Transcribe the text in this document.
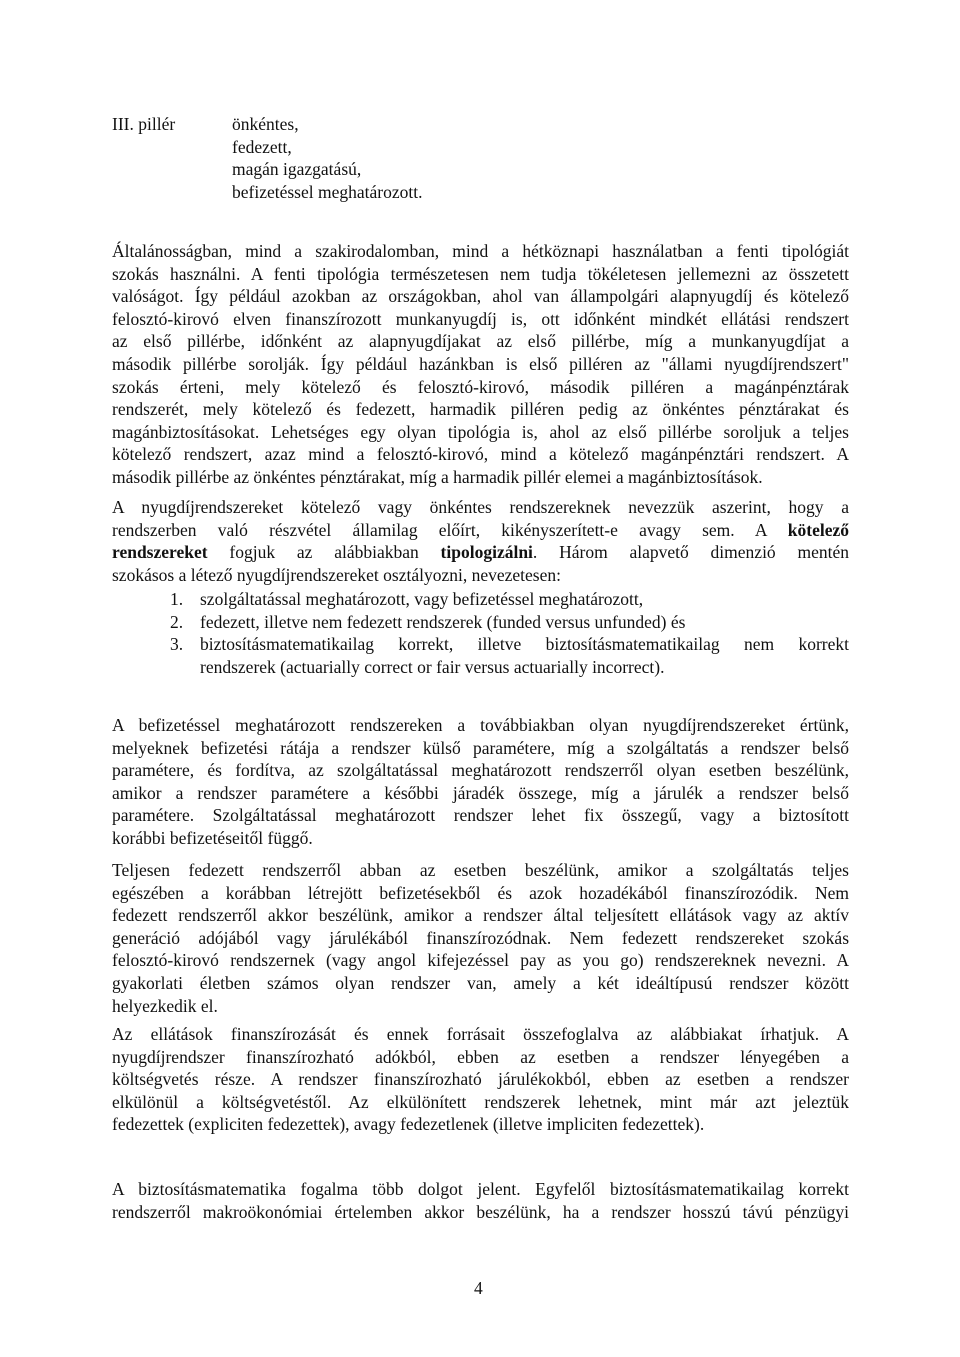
III. pillér	önkéntes,
fedezett,
magán igazgatású,
befizetéssel meghatározott.
Általánosságban, mind a szakirodalomban, mind a hétköznapi használatban a fenti tipológiát
szokás használni. A fenti tipológia természetesen nem tudja tökéletesen jellemezni az összetett
valóságot. Így például azokban az országokban, ahol van állampolgári alapnyugdíj és kötelező
felosztó-kirovó elven finanszírozott munkanyugdíj is, ott időnként mindkét ellátási rendszert
az első pillérbe, időnként az alapnyugdíjakat az első pillérbe, míg a munkanyugdíjat a
második pillérbe sorolják. Így például hazánkban is első pilléren az "állami nyugdíjrendszert"
szokás érteni, mely kötelező és felosztó-kirovó, második pilléren a magánpénztárak
rendszerét, mely kötelező és fedezett, harmadik pilléren pedig az önkéntes pénztárakat és
magánbiztosításokat. Lehetséges egy olyan tipológia is, ahol az első pillérbe soroljuk a teljes
kötelező rendszert, azaz mind a felosztó-kirovó, mind a kötelező magánpénztári rendszert. A
második pillérbe az önkéntes pénztárakat, míg a harmadik pillér elemei a magánbiztosítások.
A nyugdíjrendszereket kötelező vagy önkéntes rendszereknek nevezzük aszerint, hogy a
rendszerben való részvétel államilag előírt, kikényszerített-e avagy sem. A kötelező
rendszereket fogjuk az alábbiakban tipologizálni. Három alapvető dimenzió mentén
szokásos a létező nyugdíjrendszereket osztályozni, nevezetesen:
1. szolgáltatással meghatározott, vagy befizetéssel meghatározott,
2. fedezett, illetve nem fedezett rendszerek (funded versus unfunded) és
3. biztosításmatematikailag korrekt, illetve biztosításmatematikailag nem korrekt
rendszerek (actuarially correct or fair versus actuarially incorrect).
A befizetéssel meghatározott rendszereken a továbbiakban olyan nyugdíjrendszereket értünk,
melyeknek befizetési rátája a rendszer külső paramétere, míg a szolgáltatás a rendszer belső
paramétere, és fordítva, az szolgáltatással meghatározott rendszerről olyan esetben beszélünk,
amikor a rendszer paramétere a későbbi járadék összege, míg a járulék a rendszer belső
paramétere. Szolgáltatással meghatározott rendszer lehet fix összegű, vagy a biztosított
korábbi befizetéseitől függő.
Teljesen fedezett rendszerről abban az esetben beszélünk, amikor a szolgáltatás teljes
egészében a korábban létrejött befizetésekből és azok hozadékából finanszírozódik. Nem
fedezett rendszerről akkor beszélünk, amikor a rendszer által teljesített ellátások vagy az aktív
generáció adójából vagy járulékából finanszírozódnak. Nem fedezett rendszereket szokás
felosztó-kirovó rendszernek (vagy angol kifejezéssel pay as you go) rendszereknek nevezni. A
gyakorlati életben számos olyan rendszer van, amely a két ideáltípusú rendszer között
helyezkedik el.
Az ellátások finanszírozását és ennek forrásait összefoglalva az alábbiakat írhatjuk. A
nyugdíjrendszer finanszírozható adókból, ebben az esetben a rendszer lényegében a
költségvetés része. A rendszer finanszírozható járulékokból, ebben az esetben a rendszer
elkülönül a költségvetéstől. Az elkülönített rendszerek lehetnek, mint már azt jeleztük
fedezettek (expliciten fedezettek), avagy fedezetlenek (illetve impliciten fedezettek).
A biztosításmatematika fogalma több dolgot jelent. Egyfelől biztosításmatematikailag korrekt
rendszerről makroökonómiai értelemben akkor beszélünk, ha a rendszer hosszú távú pénzügyi
4
